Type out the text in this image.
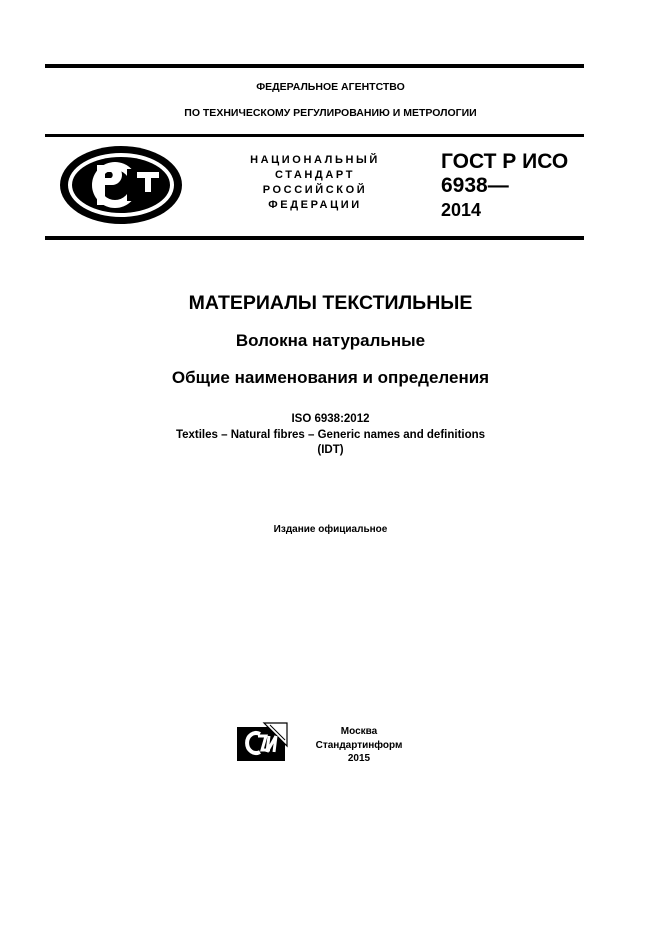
ФЕДЕРАЛЬНОЕ АГЕНТСТВО
ПО ТЕХНИЧЕСКОМУ РЕГУЛИРОВАНИЮ И МЕТРОЛОГИИ
НАЦИОНАЛЬНЫЙ
СТАНДАРТ
РОССИЙСКОЙ
ФЕДЕРАЦИИ
ГОСТ Р ИСО
6938—
2014
МАТЕРИАЛЫ ТЕКСТИЛЬНЫЕ
Волокна натуральные
Общие наименования и определения
ISO 6938:2012
Textiles – Natural fibres – Generic names and definitions
(IDT)
Издание официальное
Москва
Стандартинформ
2015
